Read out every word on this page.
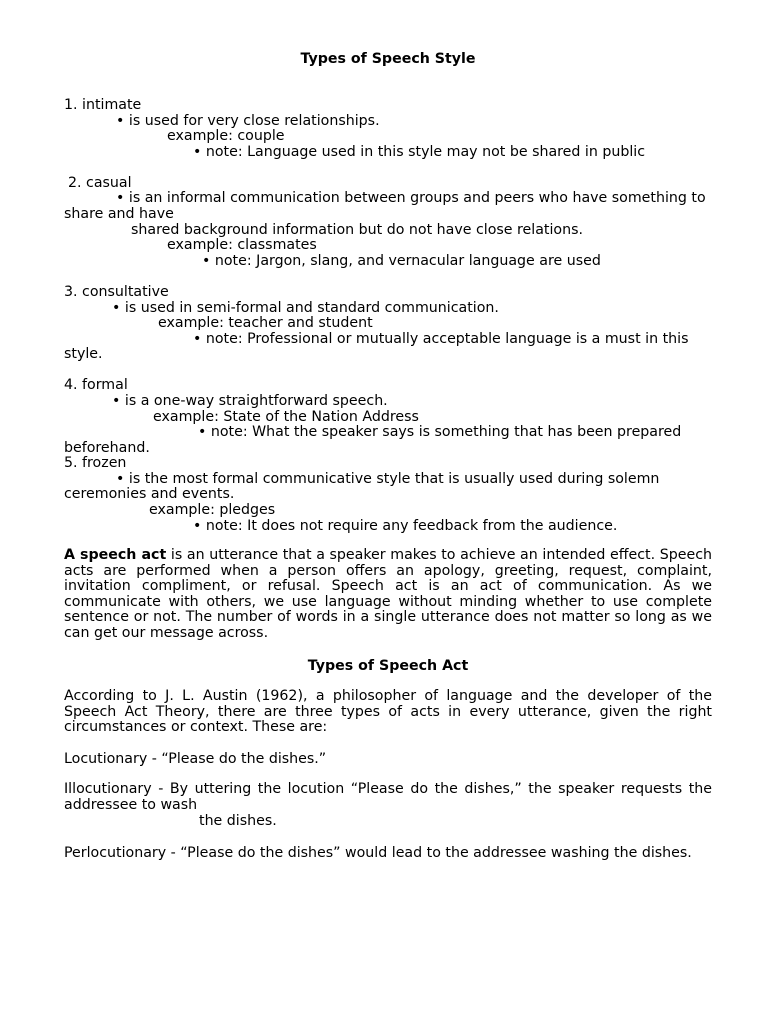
Types of Speech Style
1. intimate
• is used for very close relationships.
example: couple
• note: Language used in this style may not be shared in public
2. casual
• is an informal communication between groups and peers who have something to
share and have
shared background information but do not have close relations.
example: classmates
• note: Jargon, slang, and vernacular language are used
3. consultative
• is used in semi-formal and standard communication.
example: teacher and student
• note: Professional or mutually acceptable language is a must in this
style.
4. formal
• is a one-way straightforward speech.
example: State of the Nation Address
• note: What the speaker says is something that has been prepared
beforehand.
5. frozen
• is the most formal communicative style that is usually used during solemn
ceremonies and events.
example: pledges
• note: It does not require any feedback from the audience.

A speech act is an utterance that a speaker makes to achieve an intended effect. Speech acts are performed when a person offers an apology, greeting, request, complaint, invitation compliment, or refusal. Speech act is an act of communication. As we communicate with others, we use language without minding whether to use complete sentence or not. The number of words in a single utterance does not matter so long as we can get our message across.

Types of Speech Act

According to J. L. Austin (1962), a philosopher of language and the developer of the Speech Act Theory, there are three types of acts in every utterance, given the right circumstances or context. These are:

Locutionary - “Please do the dishes.”

Illocutionary - By uttering the locution “Please do the dishes,” the speaker requests the addressee to wash

the dishes.
Perlocutionary - “Please do the dishes” would lead to the addressee washing the dishes.
